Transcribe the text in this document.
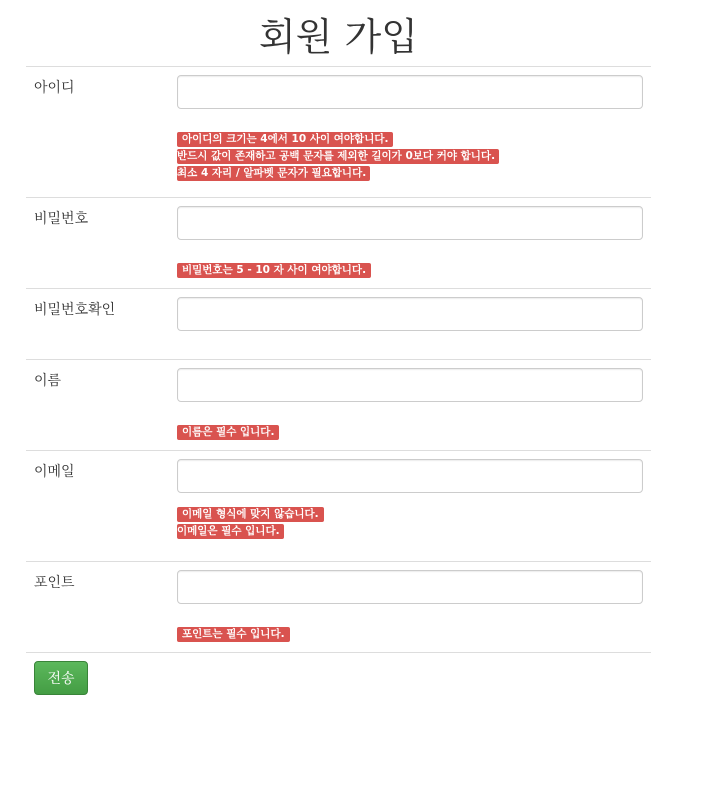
회원 가입
아이디
아이디의 크기는 4에서 10 사이 여야합니다.
반드시 값이 존재하고 공백 문자를 제외한 길이가 0보다 커야 합니다.
최소 4 자리 / 알파벳 문자가 필요합니다.
비밀번호
비밀번호는 5 - 10 자 사이 여야합니다.
비밀번호확인
이름
이름은 필수 입니다.
이메일
이메일 형식에 맞지 않습니다.
이메일은 필수 입니다.
포인트
포인트는 필수 입니다.
전송
